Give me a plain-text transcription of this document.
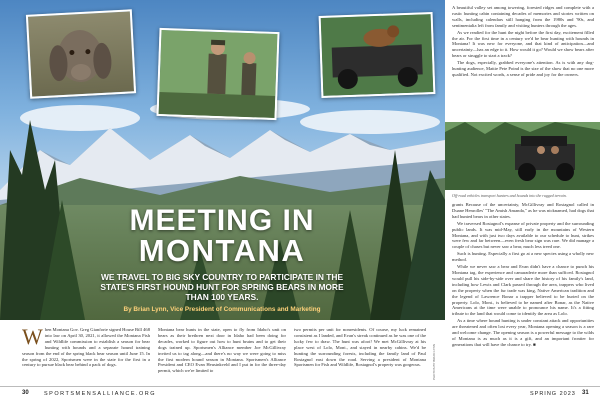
MEETING IN
MONTANA
WE TRAVEL TO BIG SKY COUNTRY TO PARTICIPATE IN THE STATE'S FIRST HOUND HUNT FOR SPRING BEARS IN MORE THAN 100 YEARS.
By Brian Lynn, Vice President of Communications and Marketing
When Montana Gov. Greg Gianforte signed House Bill 468 into law on April 30, 2021, it allowed the Montana Fish and Wildlife commission to establish a season for bear hunting with hounds and a separate hound training season from the end of the spring black bear season until June 15. In the spring of 2022, Sportsmen were in the state for the first in a century to pursue black bear behind a pack of dogs.
Montana bear hunts in the state, open to fly from Idaho's unit on bears as their brethren next door in Idaho had been doing for decades, worked to figure out how to hunt bruins and to get their dogs trained up. Sportsmen's Alliance member Joe McGillivray invited us to tag along—and there's no way we were going to miss the first modern hound season in Montana. Sportsmen's Alliance President and CEO Evan Heusinkveld and I put in for the three-day permit, which we're limited to
two permits per unit for nonresidents. Of course, my luck remained consistent as I landed, and Evan's streak continued as he was one of the lucky few to draw. The hunt was afoot! We met McGillivray at his place west of Lolo, Mont., and stayed in nearby cabins. We'd be hunting the surrounding forests, including the family land of Paul Rostagnol east down the road. Serving a president of Montana Sportsmen for Fish and Wildlife, Rostagnol's property was gorgeous.	PHOTOS BY BRIAN LYNN

A beautiful valley set among towering, forested ridges and complete with a rustic hunting cabin containing decades of memories and stories written on walls, including calendars still hanging from the 1980s and '90s, and sentimentalia left from family and visiting hunters through the ages.

As we readied for the hunt the night before the first day, excitement filled the air. For the first time in a century we'd be bear hunting with hounds in Montana! It was new for everyone, and that kind of anticipation—and uncertainty—has an edge to it. How would it go? Would we show bears after bears or struggle to start a track?

The dogs, especially, grabbed everyone's attention. As is with any dog-hunting audience, Mattie Pete Poind is the size of the show that no one more qualified. Not excited words, a sense of pride and joy for the owners.

Off-road vehicles transport hunters and hounds into the rugged terrain.

grants Because of the uncertainty, McGillivray and Rostagnol called in Duane Henrolles' "The Amish Amanda," as he was nicknamed, had dogs that had hunted bears in other states.

We traversed Rostagnol's expanse of private property and the surrounding public lands. It was mid-May, still early in the mountains of Western Montana, and with just two days available to our schedule to hunt, strikes were few and far between—even fresh bear sign was rare. We did manage a couple of chases but never saw a bear, much less treed one.

Such is hunting. Especially a first go at a new species using a wholly new method.

While we never saw a bear and Evan didn't have a chance to punch his Montana tag, the experience and camaraderie more than sufficed. Rostagnol would pull his side-by-side over and share the history of his family's land, including how Lewis and Clark passed through the area, trappers who lived on the property when the fur trade was king, Native American tradition and the legend of Lawrence Bonar a trapper believed to be buried on the property. Lolo, Mont., is believed to be named after Bonar, as the Native Americans at the time were unable to pronounce his name. It's a fitting tribute to the land that would come to identify the area as Lolo.

As a time where hound hunting is under constant attack and opportunities are threatened and often lost every year, Montana opening a season is a rare and welcome change. The opening season is a powerful message to the wilds of Montana is as much as it is a gift, and an important frontier for generations that will have the chance to try. ■

30	SPORTSMENSALLIANCE.ORG	SPRING 2023 31
